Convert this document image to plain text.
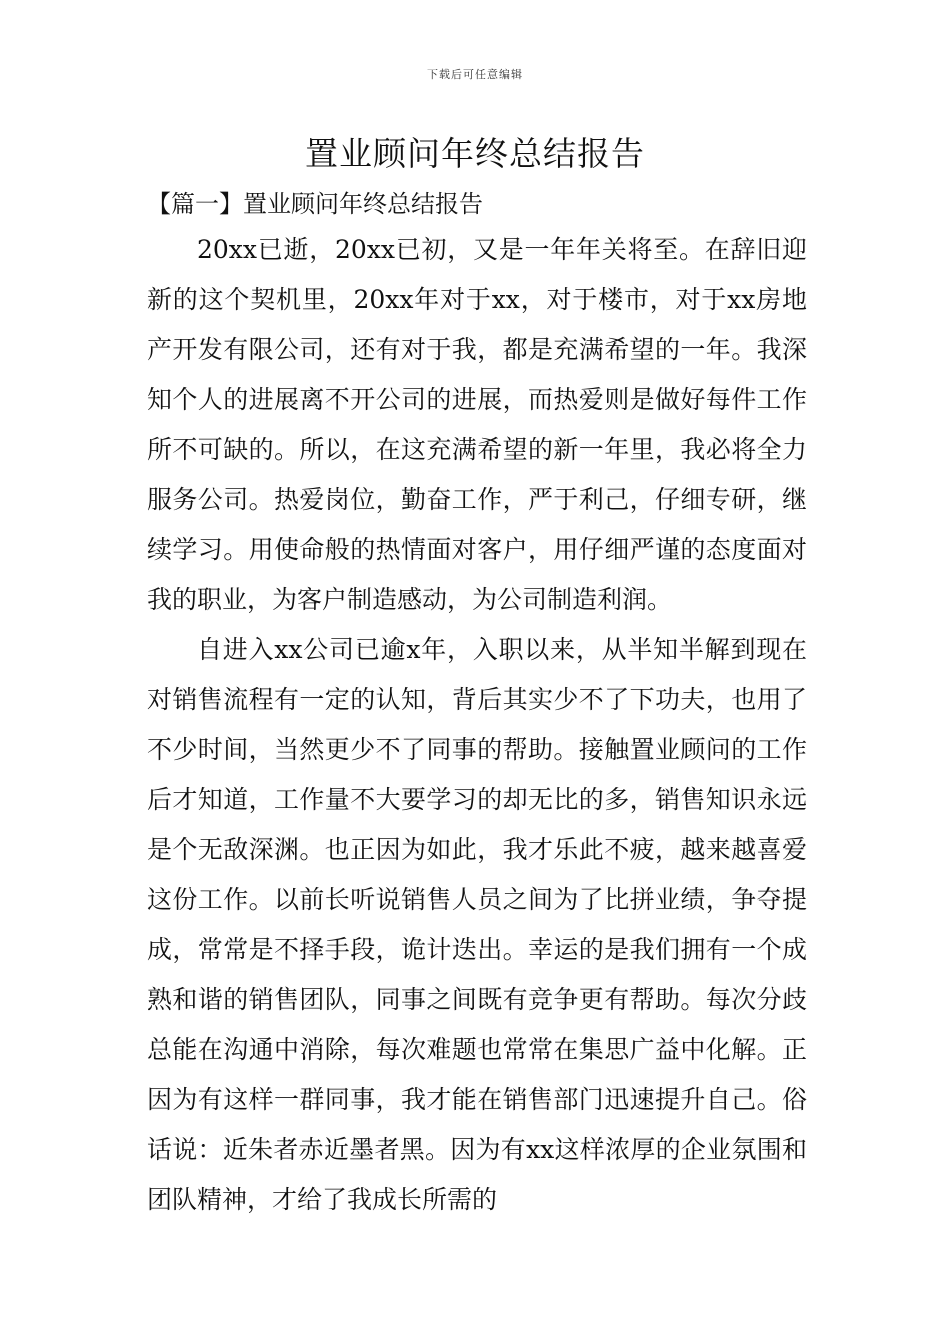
下载后可任意编辑
置业顾问年终总结报告
【篇一】置业顾问年终总结报告

20xx已逝，20xx已初，又是一年年关将至。在辞旧迎新的这个契机里，20xx年对于xx，对于楼市，对于xx房地产开发有限公司，还有对于我，都是充满希望的一年。我深知个人的进展离不开公司的进展，而热爱则是做好每件工作所不可缺的。所以，在这充满希望的新一年里，我必将全力服务公司。热爱岗位，勤奋工作，严于利己，仔细专研，继续学习。用使命般的热情面对客户，用仔细严谨的态度面对我的职业，为客户制造感动，为公司制造利润。

自进入xx公司已逾x年，入职以来，从半知半解到现在对销售流程有一定的认知，背后其实少不了下功夫，也用了不少时间，当然更少不了同事的帮助。接触置业顾问的工作后才知道，工作量不大要学习的却无比的多，销售知识永远是个无敌深渊。也正因为如此，我才乐此不疲，越来越喜爱这份工作。以前长听说销售人员之间为了比拼业绩，争夺提成，常常是不择手段，诡计迭出。幸运的是我们拥有一个成熟和谐的销售团队，同事之间既有竞争更有帮助。每次分歧总能在沟通中消除，每次难题也常常在集思广益中化解。正因为有这样一群同事，我才能在销售部门迅速提升自己。俗话说：近朱者赤近墨者黑。因为有xx这样浓厚的企业氛围和团队精神，才给了我成长所需的
